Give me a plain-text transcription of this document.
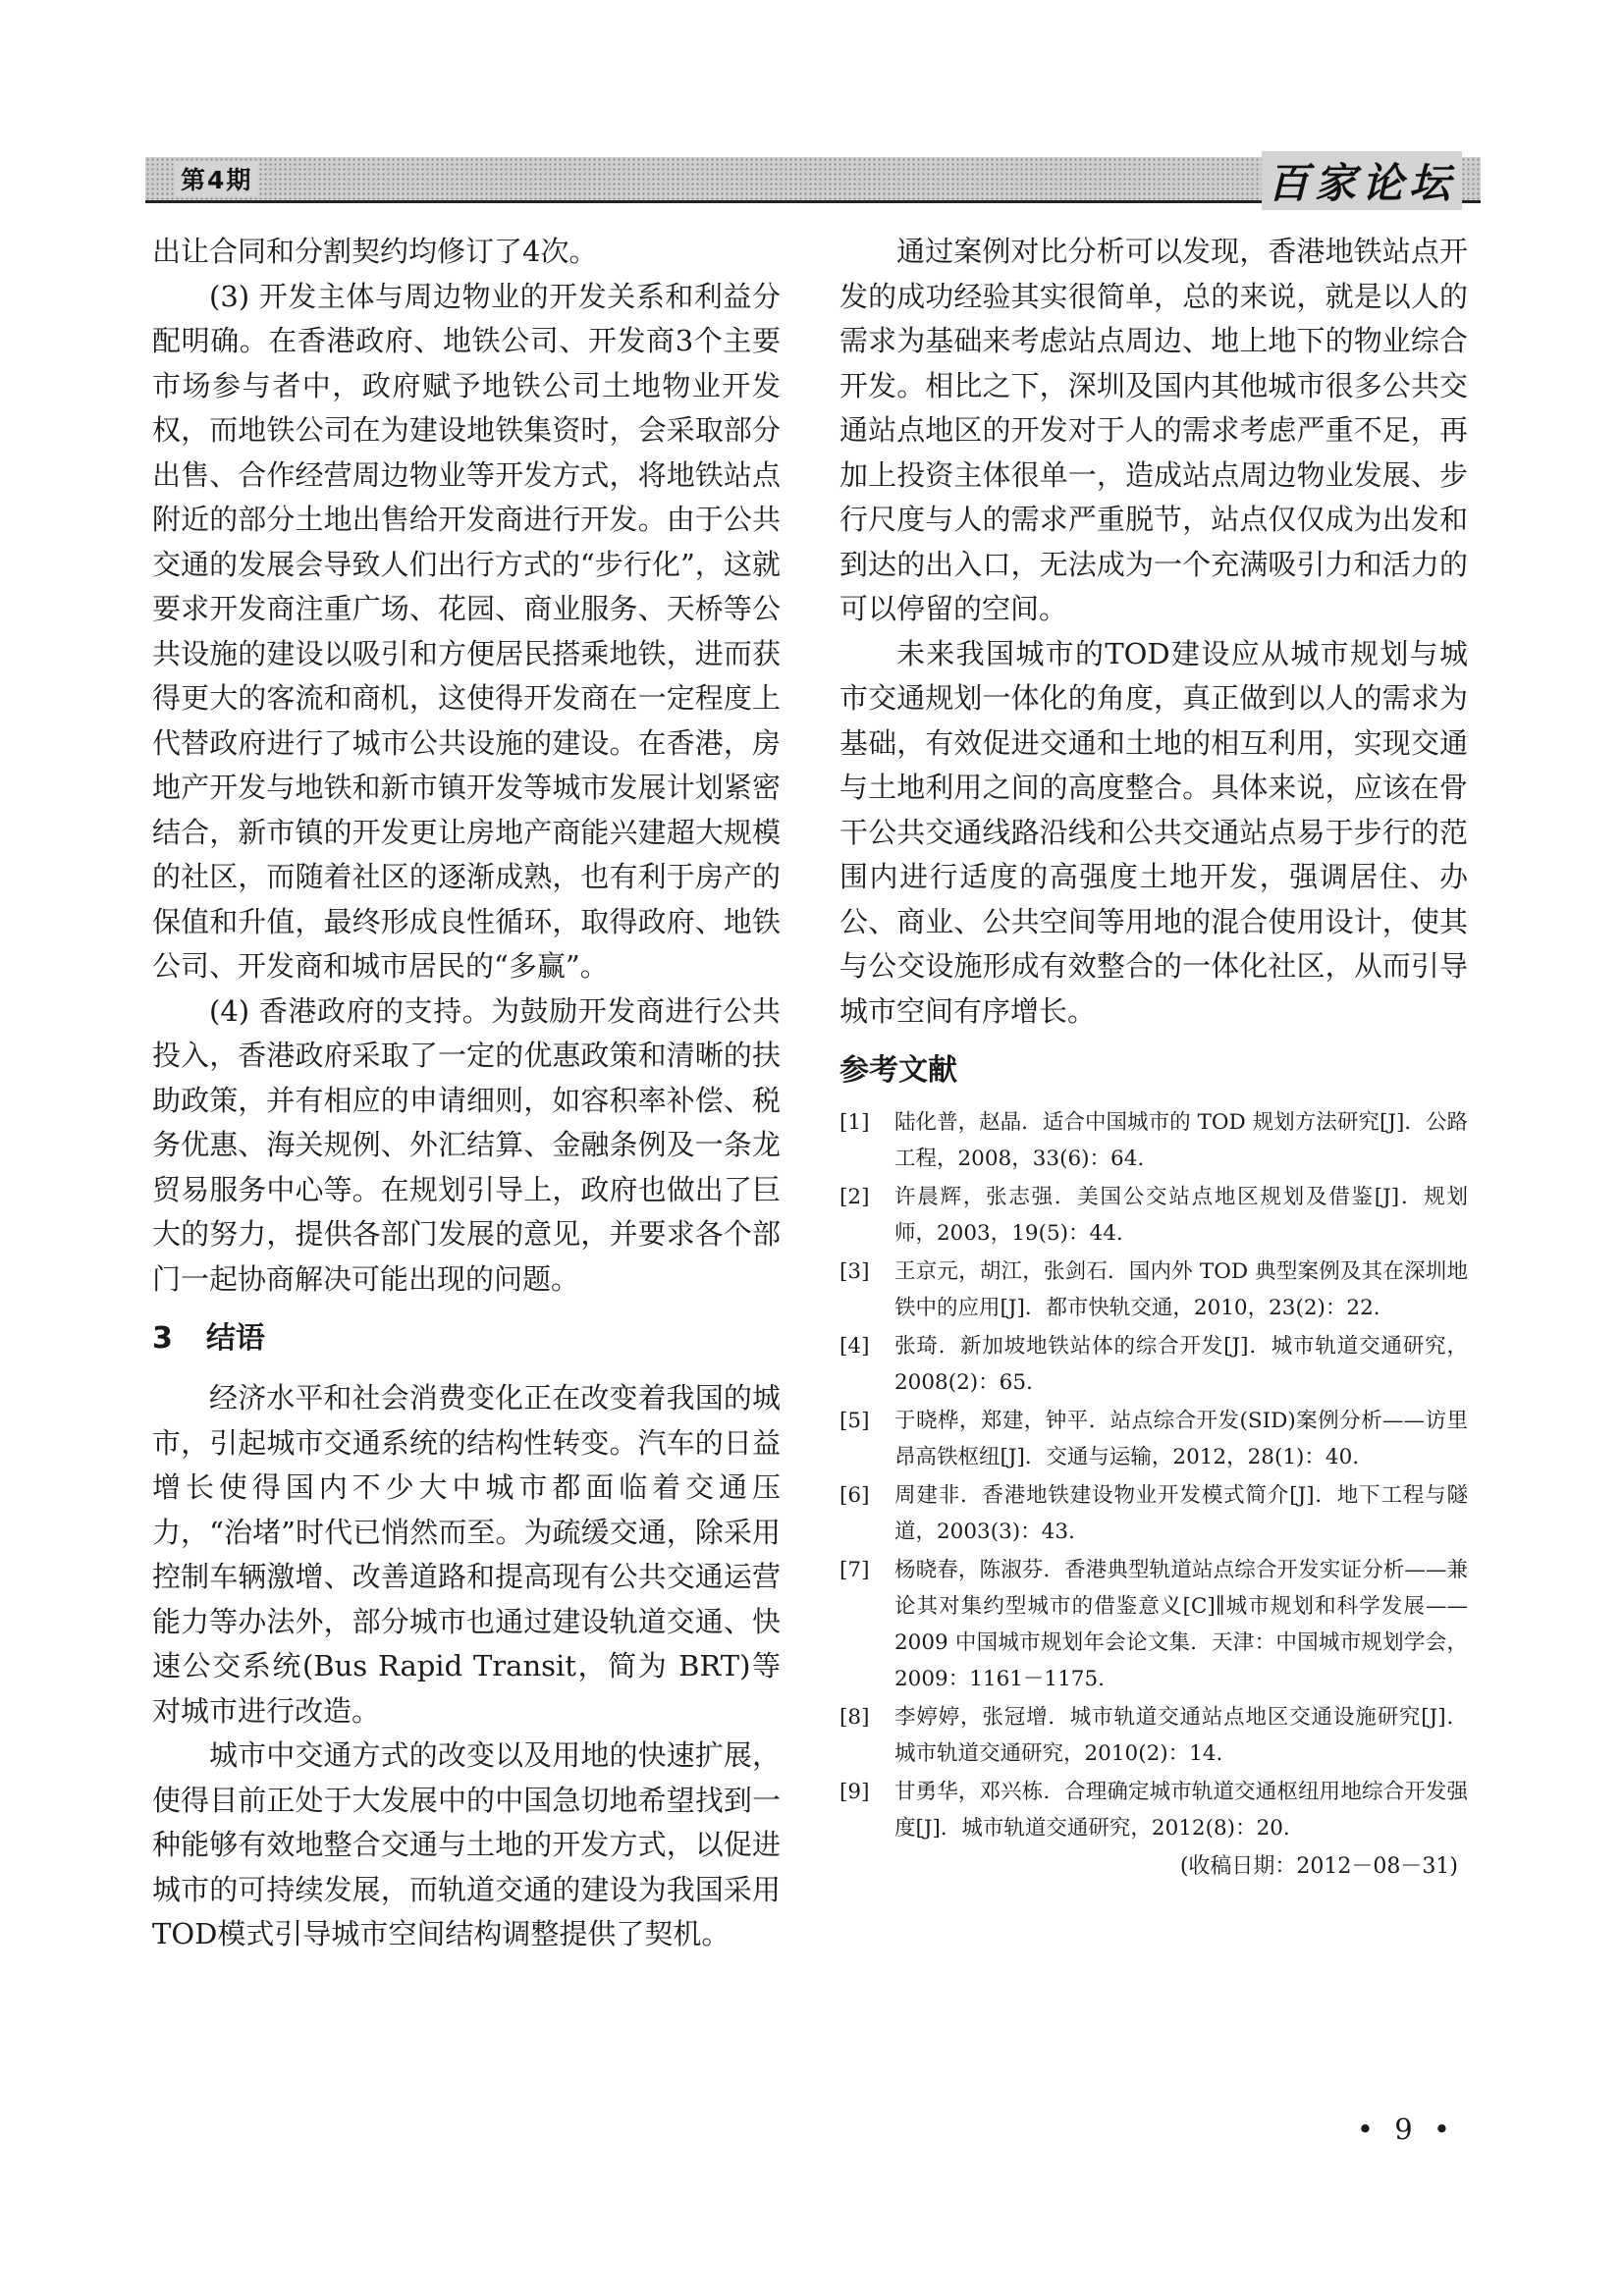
第4期	百家论坛

出让合同和分割契约均修订了4次。

(3) 开发主体与周边物业的开发关系和利益分配明确。在香港政府、地铁公司、开发商3个主要市场参与者中，政府赋予地铁公司土地物业开发权，而地铁公司在为建设地铁集资时，会采取部分出售、合作经营周边物业等开发方式，将地铁站点附近的部分土地出售给开发商进行开发。由于公共交通的发展会导致人们出行方式的“步行化”，这就要求开发商注重广场、花园、商业服务、天桥等公共设施的建设以吸引和方便居民搭乘地铁，进而获得更大的客流和商机，这使得开发商在一定程度上代替政府进行了城市公共设施的建设。在香港，房地产开发与地铁和新市镇开发等城市发展计划紧密结合，新市镇的开发更让房地产商能兴建超大规模的社区，而随着社区的逐渐成熟，也有利于房产的保值和升值，最终形成良性循环，取得政府、地铁公司、开发商和城市居民的“多赢”。

(4) 香港政府的支持。为鼓励开发商进行公共投入，香港政府采取了一定的优惠政策和清晰的扶助政策，并有相应的申请细则，如容积率补偿、税务优惠、海关规例、外汇结算、金融条例及一条龙贸易服务中心等。在规划引导上，政府也做出了巨大的努力，提供各部门发展的意见，并要求各个部门一起协商解决可能出现的问题。

3 结语

经济水平和社会消费变化正在改变着我国的城市，引起城市交通系统的结构性转变。汽车的日益增长使得国内不少大中城市都面临着交通压力，“治堵”时代已悄然而至。为疏缓交通，除采用控制车辆激增、改善道路和提高现有公共交通运营能力等办法外，部分城市也通过建设轨道交通、快速公交系统(Bus Rapid Transit，简为 BRT)等对城市进行改造。

城市中交通方式的改变以及用地的快速扩展，使得目前正处于大发展中的中国急切地希望找到一种能够有效地整合交通与土地的开发方式，以促进城市的可持续发展，而轨道交通的建设为我国采用TOD模式引导城市空间结构调整提供了契机。

通过案例对比分析可以发现，香港地铁站点开发的成功经验其实很简单，总的来说，就是以人的需求为基础来考虑站点周边、地上地下的物业综合开发。相比之下，深圳及国内其他城市很多公共交通站点地区的开发对于人的需求考虑严重不足，再加上投资主体很单一，造成站点周边物业发展、步行尺度与人的需求严重脱节，站点仅仅成为出发和到达的出入口，无法成为一个充满吸引力和活力的可以停留的空间。

未来我国城市的TOD建设应从城市规划与城市交通规划一体化的角度，真正做到以人的需求为基础，有效促进交通和土地的相互利用，实现交通与土地利用之间的高度整合。具体来说，应该在骨干公共交通线路沿线和公共交通站点易于步行的范围内进行适度的高强度土地开发，强调居住、办公、商业、公共空间等用地的混合使用设计，使其与公交设施形成有效整合的一体化社区，从而引导城市空间有序增长。

参考文献
[1]	陆化普，赵晶．适合中国城市的 TOD 规划方法研究[J]．公路工程，2008，33(6)：64.
[2]	许晨辉，张志强．美国公交站点地区规划及借鉴[J]．规划师，2003，19(5)：44.
[3]	王京元，胡江，张剑石．国内外 TOD 典型案例及其在深圳地铁中的应用[J]．都市快轨交通，2010，23(2)：22.
[4]	张琦．新加坡地铁站体的综合开发[J]．城市轨道交通研究，2008(2)：65.
[5]	于晓桦，郑建，钟平．站点综合开发(SID)案例分析——访里昂高铁枢纽[J]．交通与运输，2012，28(1)：40.
[6]	周建非．香港地铁建设物业开发模式简介[J]．地下工程与隧道，2003(3)：43.
[7]	杨晓春，陈淑芬．香港典型轨道站点综合开发实证分析——兼论其对集约型城市的借鉴意义[C]∥城市规划和科学发展——2009 中国城市规划年会论文集．天津：中国城市规划学会，2009：1161－1175.
[8]	李婷婷，张冠增．城市轨道交通站点地区交通设施研究[J]．城市轨道交通研究，2010(2)：14.
[9]	甘勇华，邓兴栋．合理确定城市轨道交通枢纽用地综合开发强度[J]．城市轨道交通研究，2012(8)：20.
(收稿日期：2012－08－31)
• 9 •
